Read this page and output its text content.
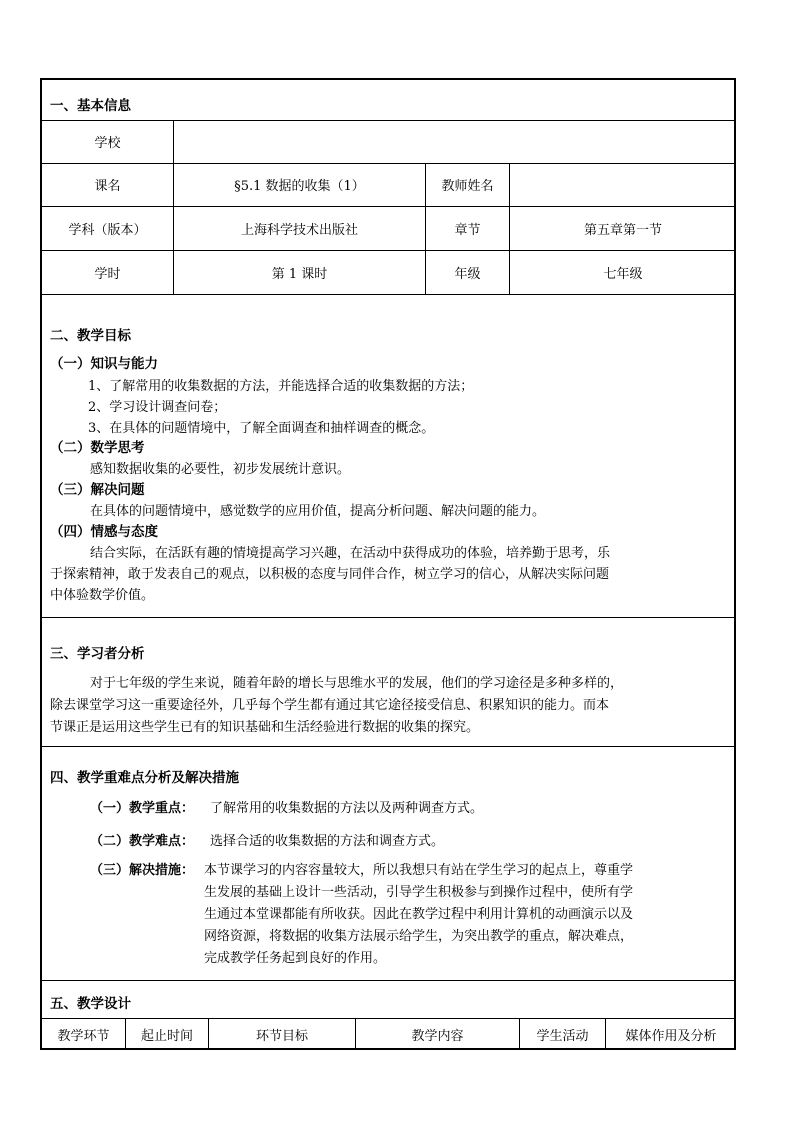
一、基本信息
学校
课名	§5.1 数据的收集（1）	教师姓名
学科（版本）	上海科学技术出版社	章节	第五章第一节
学时	第 1 课时	年级	七年级
二、教学目标
（一）知识与能力
1、了解常用的收集数据的方法，并能选择合适的收集数据的方法；
2、学习设计调查问卷；
3、在具体的问题情境中，了解全面调查和抽样调查的概念。
（二）数学思考
感知数据收集的必要性，初步发展统计意识。
（三）解决问题
在具体的问题情境中，感觉数学的应用价值，提高分析问题、解决问题的能力。
（四）情感与态度
结合实际，在活跃有趣的情境提高学习兴趣，在活动中获得成功的体验，培养勤于思考，乐
于探索精神，敢于发表自己的观点，以积极的态度与同伴合作，树立学习的信心，从解决实际问题
中体验数学价值。
三、学习者分析
对于七年级的学生来说，随着年龄的增长与思维水平的发展，他们的学习途径是多种多样的，
除去课堂学习这一重要途径外，几乎每个学生都有通过其它途径接受信息、积累知识的能力。而本
节课正是运用这些学生已有的知识基础和生活经验进行数据的收集的探究。
四、教学重难点分析及解决措施
（一）教学重点： 了解常用的收集数据的方法以及两种调查方式。
（二）教学难点： 选择合适的收集数据的方法和调查方式。
（三）解决措施： 本节课学习的内容容量较大，所以我想只有站在学生学习的起点上，尊重学
生发展的基础上设计一些活动，引导学生积极参与到操作过程中，使所有学
生通过本堂课都能有所收获。因此在教学过程中利用计算机的动画演示以及
网络资源，将数据的收集方法展示给学生，为突出教学的重点，解决难点，
完成教学任务起到良好的作用。
五、教学设计
教学环节	起止时间	环节目标	教学内容	学生活动	媒体作用及分析
